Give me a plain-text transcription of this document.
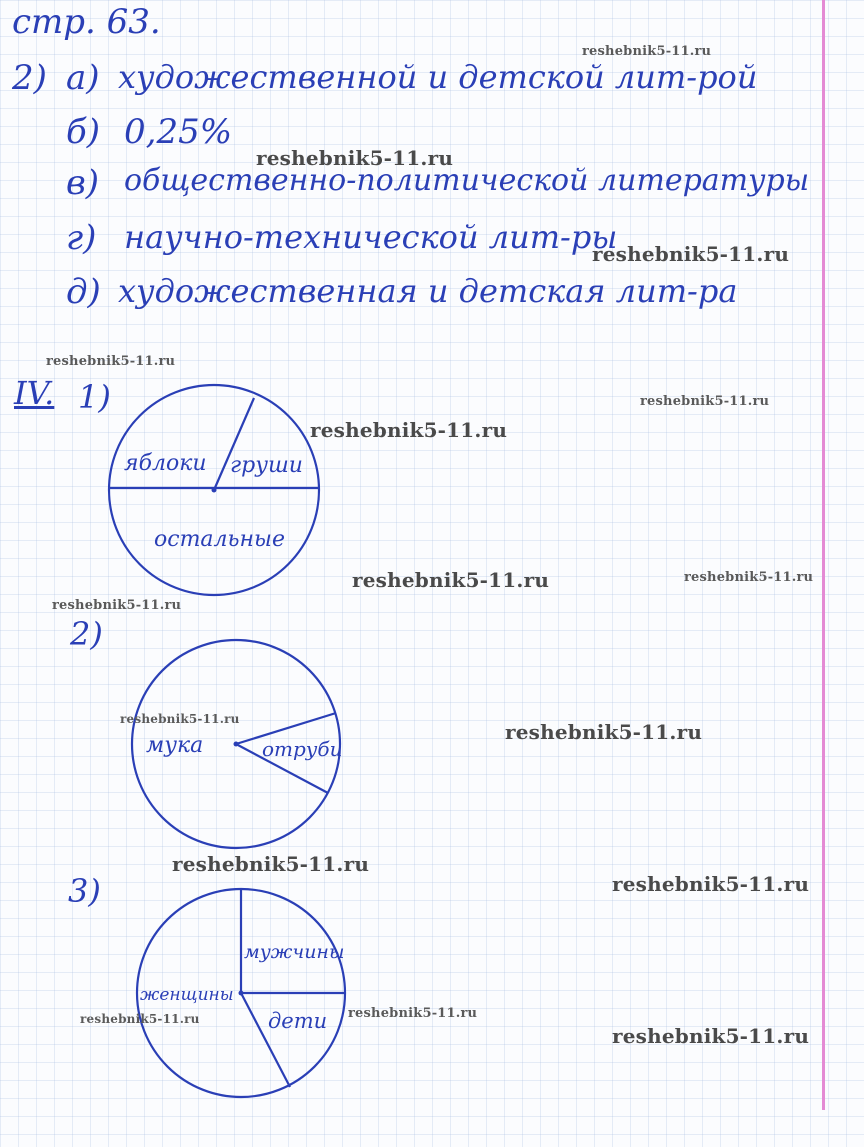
стр. 63.
2) а) художественной и детской лит-рой
б) 0,25%
в) общественно-политической литературы
г) научно-технической лит-ры
д) художественная и детская лит-ра
IV. 1)
2)
3)
яблоки груши
остальные
мука	отруби
мужчины
женщины
дети
reshebnik5-11.ru
reshebnik5-11.ru
reshebnik5-11.ru
reshebnik5-11.ru
reshebnik5-11.ru
reshebnik5-11.ru
reshebnik5-11.ru	reshebnik5-11.ru
reshebnik5-11.ru
reshebnik5-11.ru
reshebnik5-11.ru
reshebnik5-11.ru
reshebnik5-11.ru
reshebnik5-11.ru
reshebnik5-11.ru
reshebnik5-11.ru
